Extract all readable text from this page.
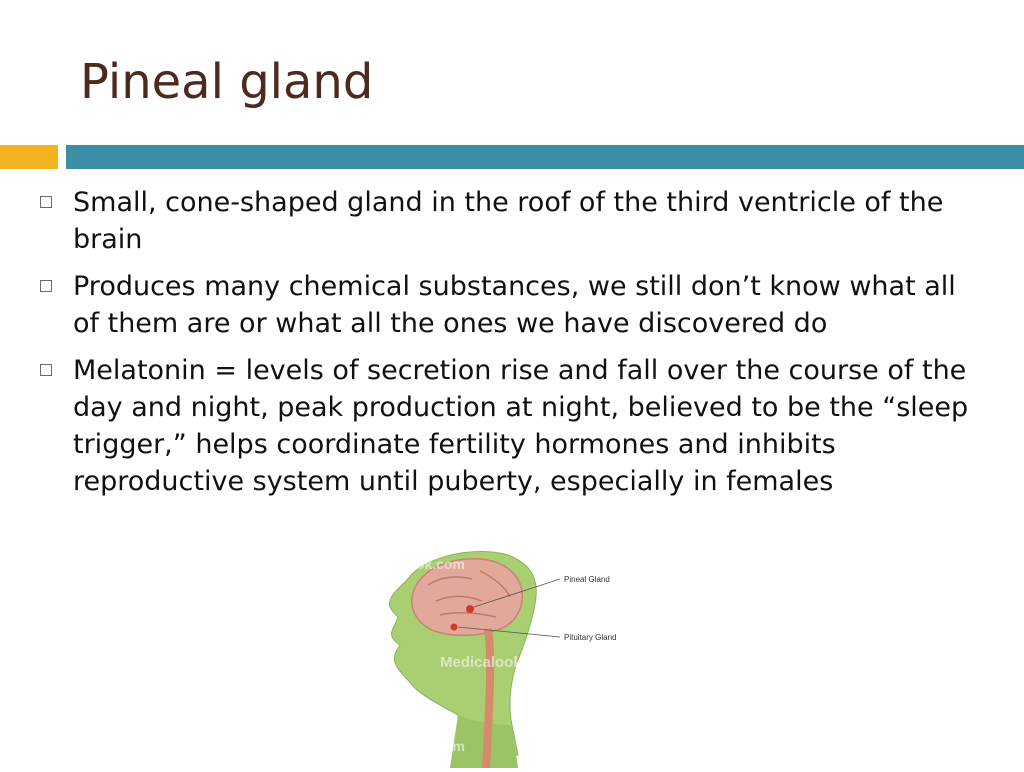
Pineal gland
Small, cone-shaped gland in the roof of the third ventricle of the brain
Produces many chemical substances, we still don’t know what all of them are or what all the ones we have discovered do
Melatonin = levels of secretion rise and fall over the course of the day and night, peak production at night, believed to be the “sleep trigger,” helps coordinate fertility hormones and inhibits reproductive system until puberty, especially in females
Pineal Gland
Pituitary Gland
Medicalook.com
Medicalook.com
Medicalook.com
